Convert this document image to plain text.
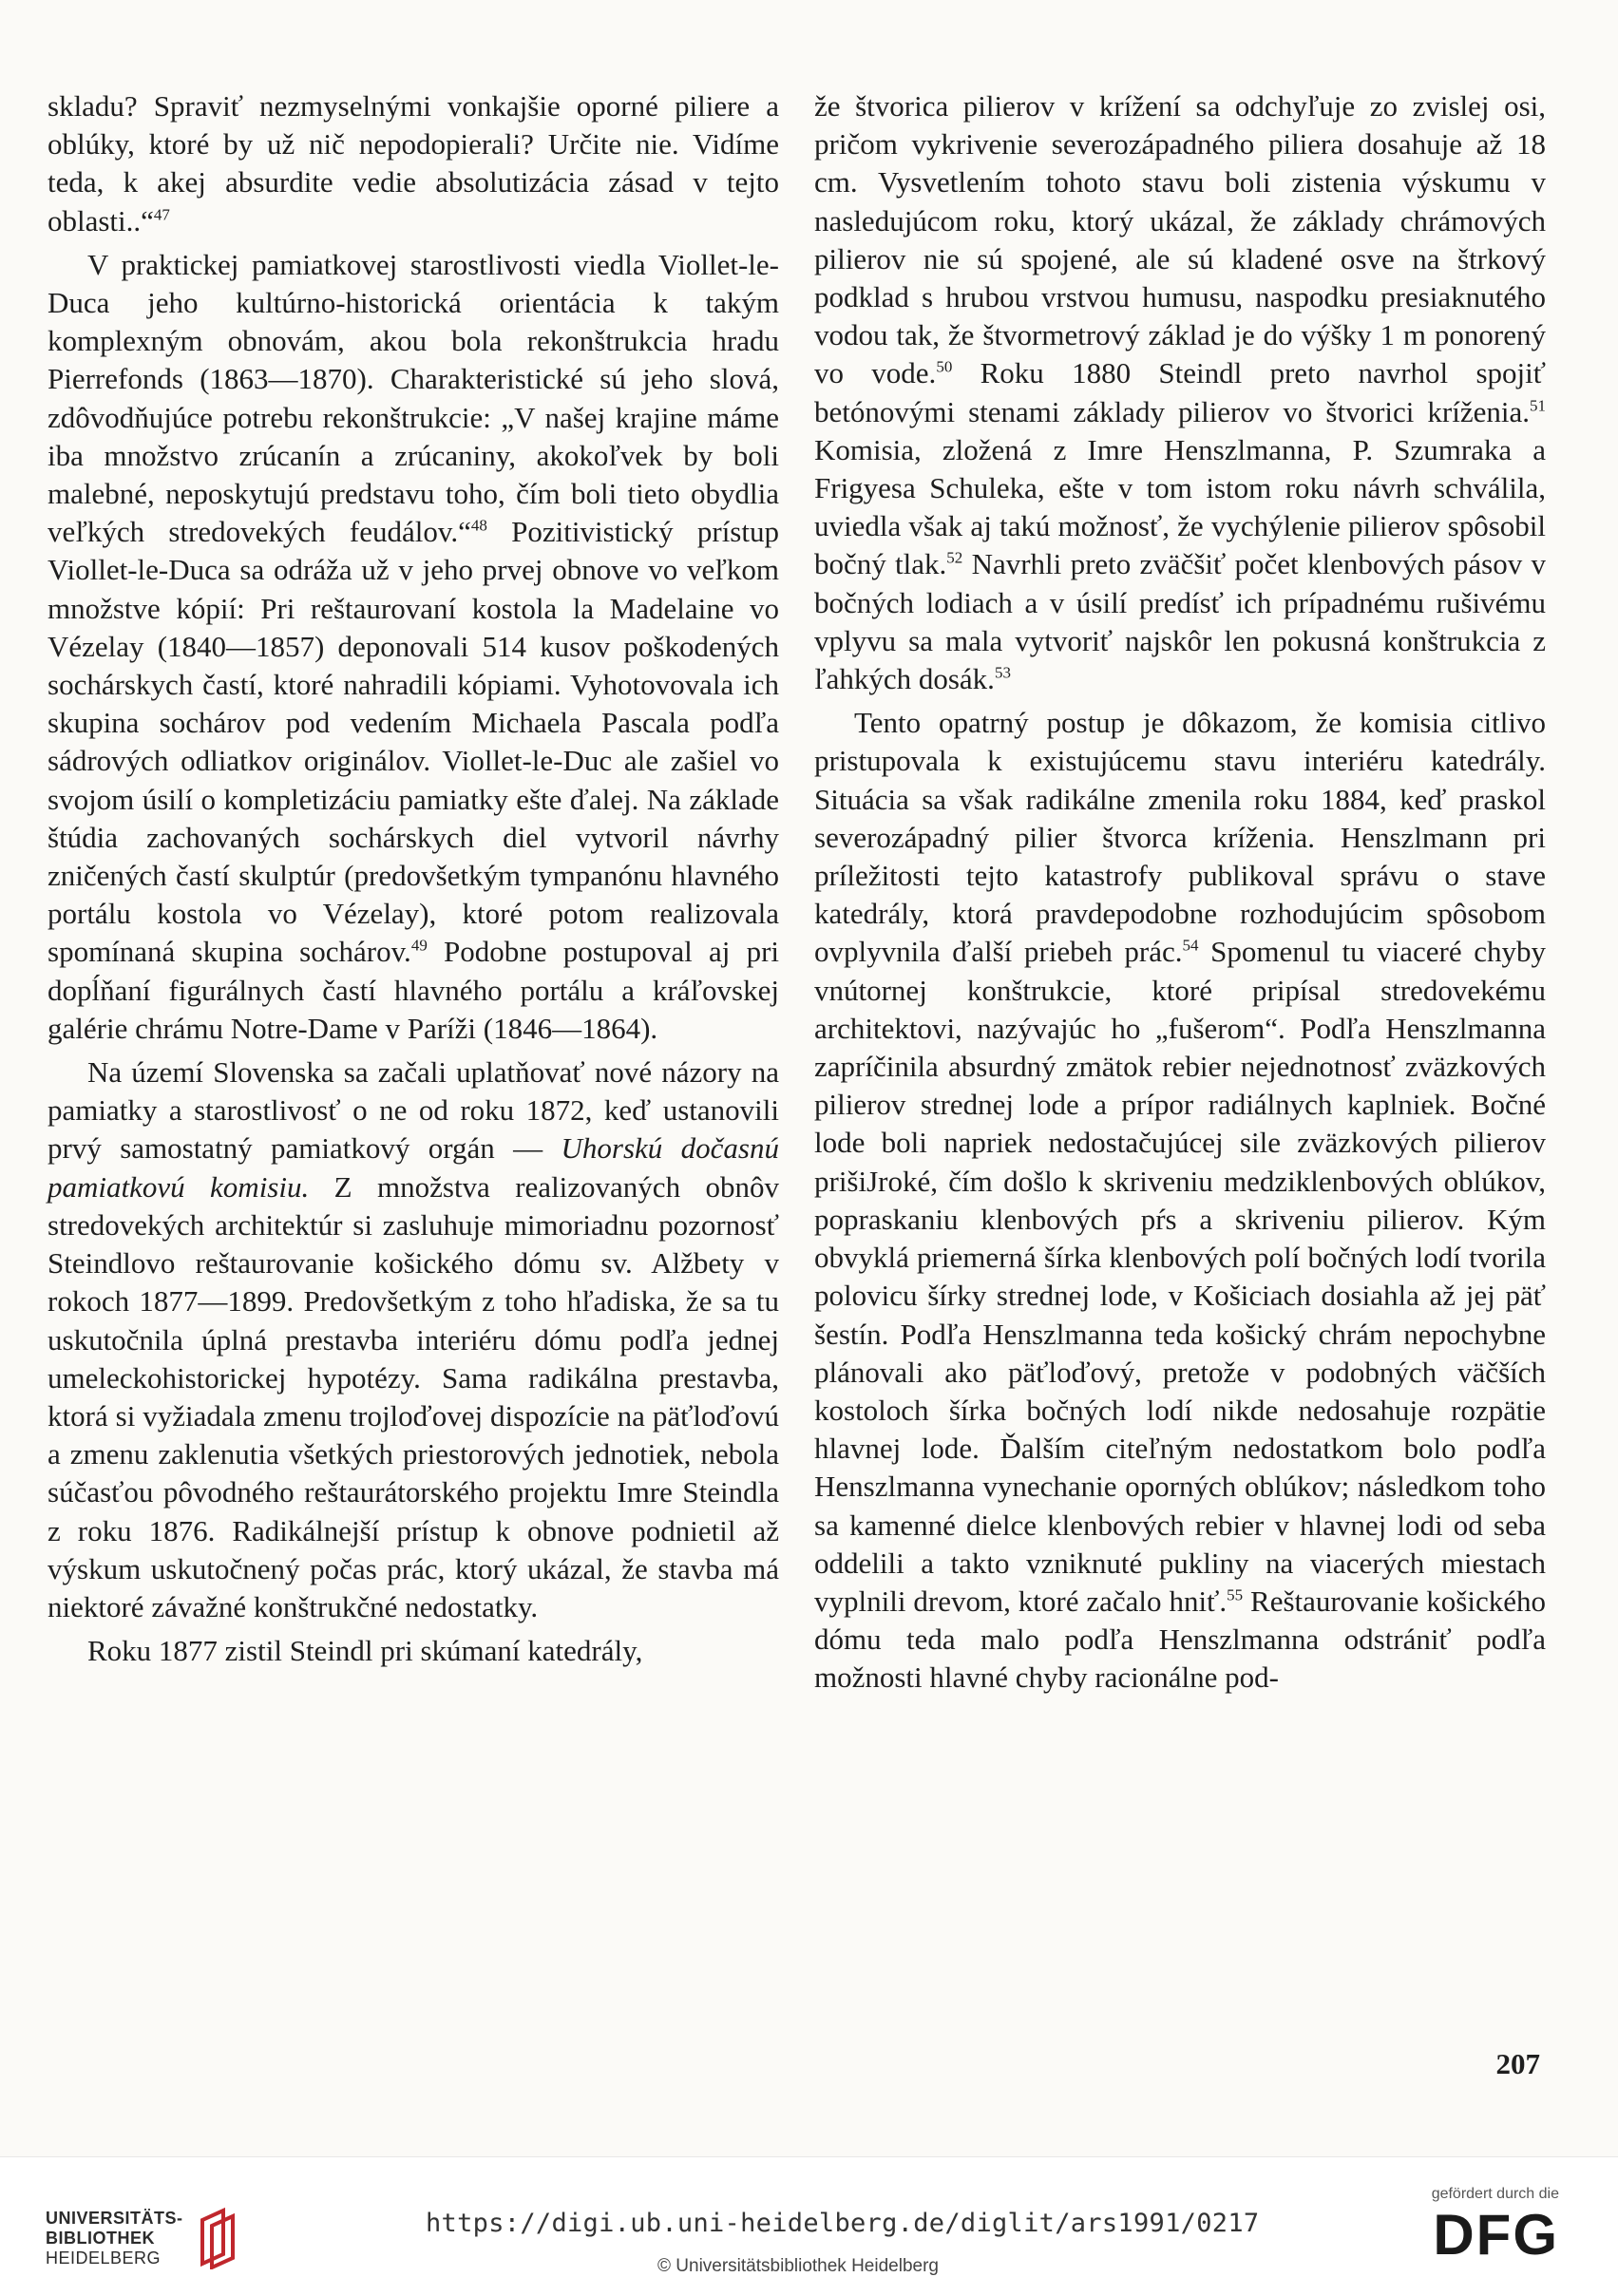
skladu? Spraviť nezmyselnými vonkajšie oporné piliere a oblúky, ktoré by už nič nepodopierali? Určite nie. Vidíme teda, k akej absurdite vedie absolutizácia zásad v tejto oblasti..“$^{47}$

V praktickej pamiatkovej starostlivosti viedla Viollet-le-Duca jeho kultúrno-historická orientácia k takým komplexným obnovám, akou bola rekonštrukcia hradu Pierrefonds (1863—1870). Charakteristické sú jeho slová, zdôvodňujúce potrebu rekonštrukcie: „V našej krajine máme iba množstvo zrúcanín a zrúcaniny, akokoľvek by boli malebné, neposkytujú predstavu toho, čím boli tieto obydlia veľkých stredovekých feudálov.“$^{48}$ Pozitivistický prístup Viollet-le-Duca sa odráža už v jeho prvej obnove vo veľkom množstve kópií: Pri reštaurovaní kostola la Madelaine vo Vézelay (1840—1857) deponovali 514 kusov poškodených sochárskych častí, ktoré nahradili kópiami. Vyhotovovala ich skupina sochárov pod vedením Michaela Pascala podľa sádrových odliatkov originálov. Viollet-le-Duc ale zašiel vo svojom úsilí o kompletizáciu pamiatky ešte ďalej. Na základe štúdia zachovaných sochárskych diel vytvoril návrhy zničených častí skulptúr (predovšetkým tympanónu hlavného portálu kostola vo Vézelay), ktoré potom realizovala spomínaná skupina sochárov.$^{49}$ Podobne postupoval aj pri dopĺňaní figurálnych častí hlavného portálu a kráľovskej galérie chrámu Notre-Dame v Paríži (1846—1864).

Na území Slovenska sa začali uplatňovať nové názory na pamiatky a starostlivosť o ne od roku 1872, keď ustanovili prvý samostatný pamiatkový orgán — Uhorskú dočasnú pamiatkovú komisiu. Z množstva realizovaných obnôv stredovekých architektúr si zasluhuje mimoriadnu pozornosť Steindlovo reštaurovanie košického dómu sv. Alžbety v rokoch 1877—1899. Predovšetkým z toho hľadiska, že sa tu uskutočnila úplná prestavba interiéru dómu podľa jednej umeleckohistorickej hypotézy. Sama radikálna prestavba, ktorá si vyžiadala zmenu trojloďovej dispozície na päťloďovú a zmenu zaklenutia všetkých priestorových jednotiek, nebola súčasťou pôvodného reštaurátorského projektu Imre Steindla z roku 1876. Radikálnejší prístup k obnove podnietil až výskum uskutočnený počas prác, ktorý ukázal, že stavba má niektoré závažné konštrukčné nedostatky.

Roku 1877 zistil Steindl pri skúmaní katedrály,

že štvorica pilierov v krížení sa odchyľuje zo zvislej osi, pričom vykrivenie severozápadného piliera dosahuje až 18 cm. Vysvetlením tohoto stavu boli zistenia výskumu v nasledujúcom roku, ktorý ukázal, že základy chrámových pilierov nie sú spojené, ale sú kladené osve na štrkový podklad s hrubou vrstvou humusu, naspodku presiaknutého vodou tak, že štvormetrový základ je do výšky 1 m ponorený vo vode.$^{50}$ Roku 1880 Steindl preto navrhol spojiť betónovými stenami základy pilierov vo štvorici kríženia.$^{51}$ Komisia, zložená z Imre Henszlmanna, P. Szumraka a Frigyesa Schuleka, ešte v tom istom roku návrh schválila, uviedla však aj takú možnosť, že vychýlenie pilierov spôsobil bočný tlak.$^{52}$ Navrhli preto zväčšiť počet klenbových pásov v bočných lodiach a v úsilí predísť ich prípadnému rušivému vplyvu sa mala vytvoriť najskôr len pokusná konštrukcia z ľahkých dosák.$^{53}$

Tento opatrný postup je dôkazom, že komisia citlivo pristupovala k existujúcemu stavu interiéru katedrály. Situácia sa však radikálne zmenila roku 1884, keď praskol severozápadný pilier štvorca kríženia. Henszlmann pri príležitosti tejto katastrofy publikoval správu o stave katedrály, ktorá pravdepodobne rozhodujúcim spôsobom ovplyvnila ďalší priebeh prác.$^{54}$ Spomenul tu viaceré chyby vnútornej konštrukcie, ktoré pripísal stredovekému architektovi, nazývajúc ho „fušerom“. Podľa Henszlmanna zapríčinila absurdný zmätok rebier nejednotnosť zväzkových pilierov strednej lode a prípor radiálnych kaplniek. Bočné lode boli napriek nedostačujúcej sile zväzkových pilierov prišiJroké, čím došlo k skriveniu medziklenbových oblúkov, popraskaniu klenbových pŕs a skriveniu pilierov. Kým obvyklá priemerná šírka klenbových polí bočných lodí tvorila polovicu šírky strednej lode, v Košiciach dosiahla až jej päť šestín. Podľa Henszlmanna teda košický chrám nepochybne plánovali ako päťloďový, pretože v podobných väčších kostoloch šírka bočných lodí nikde nedosahuje rozpätie hlavnej lode. Ďalším citeľným nedostatkom bolo podľa Henszlmanna vynechanie oporných oblúkov; následkom toho sa kamenné dielce klenbových rebier v hlavnej lodi od seba oddelili a takto vzniknuté pukliny na viacerých miestach vyplnili drevom, ktoré začalo hniť.$^{55}$ Reštaurovanie košického dómu teda malo podľa Henszlmanna odstrániť podľa možnosti hlavné chyby racionálne pod-

207
UNIVERSITÄTS-
BIBLIOTHEK
HEIDELBERG
https://digi.ub.uni-heidelberg.de/diglit/ars1991/0217
© Universitätsbibliothek Heidelberg
gefördert durch die
DFG
